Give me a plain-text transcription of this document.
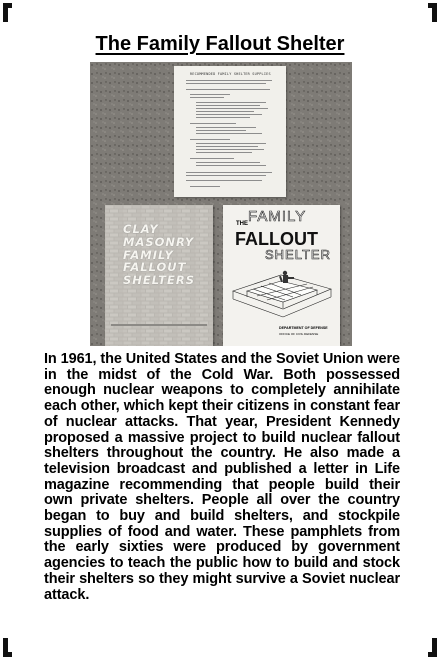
The Family Fallout Shelter
RECOMMENDED FAMILY SHELTER SUPPLIES
CLAY
MASONRY
FAMILY
FALLOUT
SHELTERS
FAMILY
THE
FALLOUT
SHELTER
DEPARTMENT OF DEFENSE
OFFICE OF CIVIL DEFENSE
In 1961, the United States and the Soviet Union were in the midst of the Cold War. Both possessed enough nuclear weapons to completely annihilate each other, which kept their citizens in constant fear of nuclear attacks. That year, President Kennedy proposed a massive project to build nuclear fallout shelters throughout the country. He also made a television broadcast and published a letter in Life magazine recommending that people build their own private shelters. People all over the country began to buy and build shelters, and stockpile supplies of food and water. These pamphlets from the early sixties were produced by government agencies to teach the public how to build and stock their shelters so they might survive a Soviet nuclear attack.
